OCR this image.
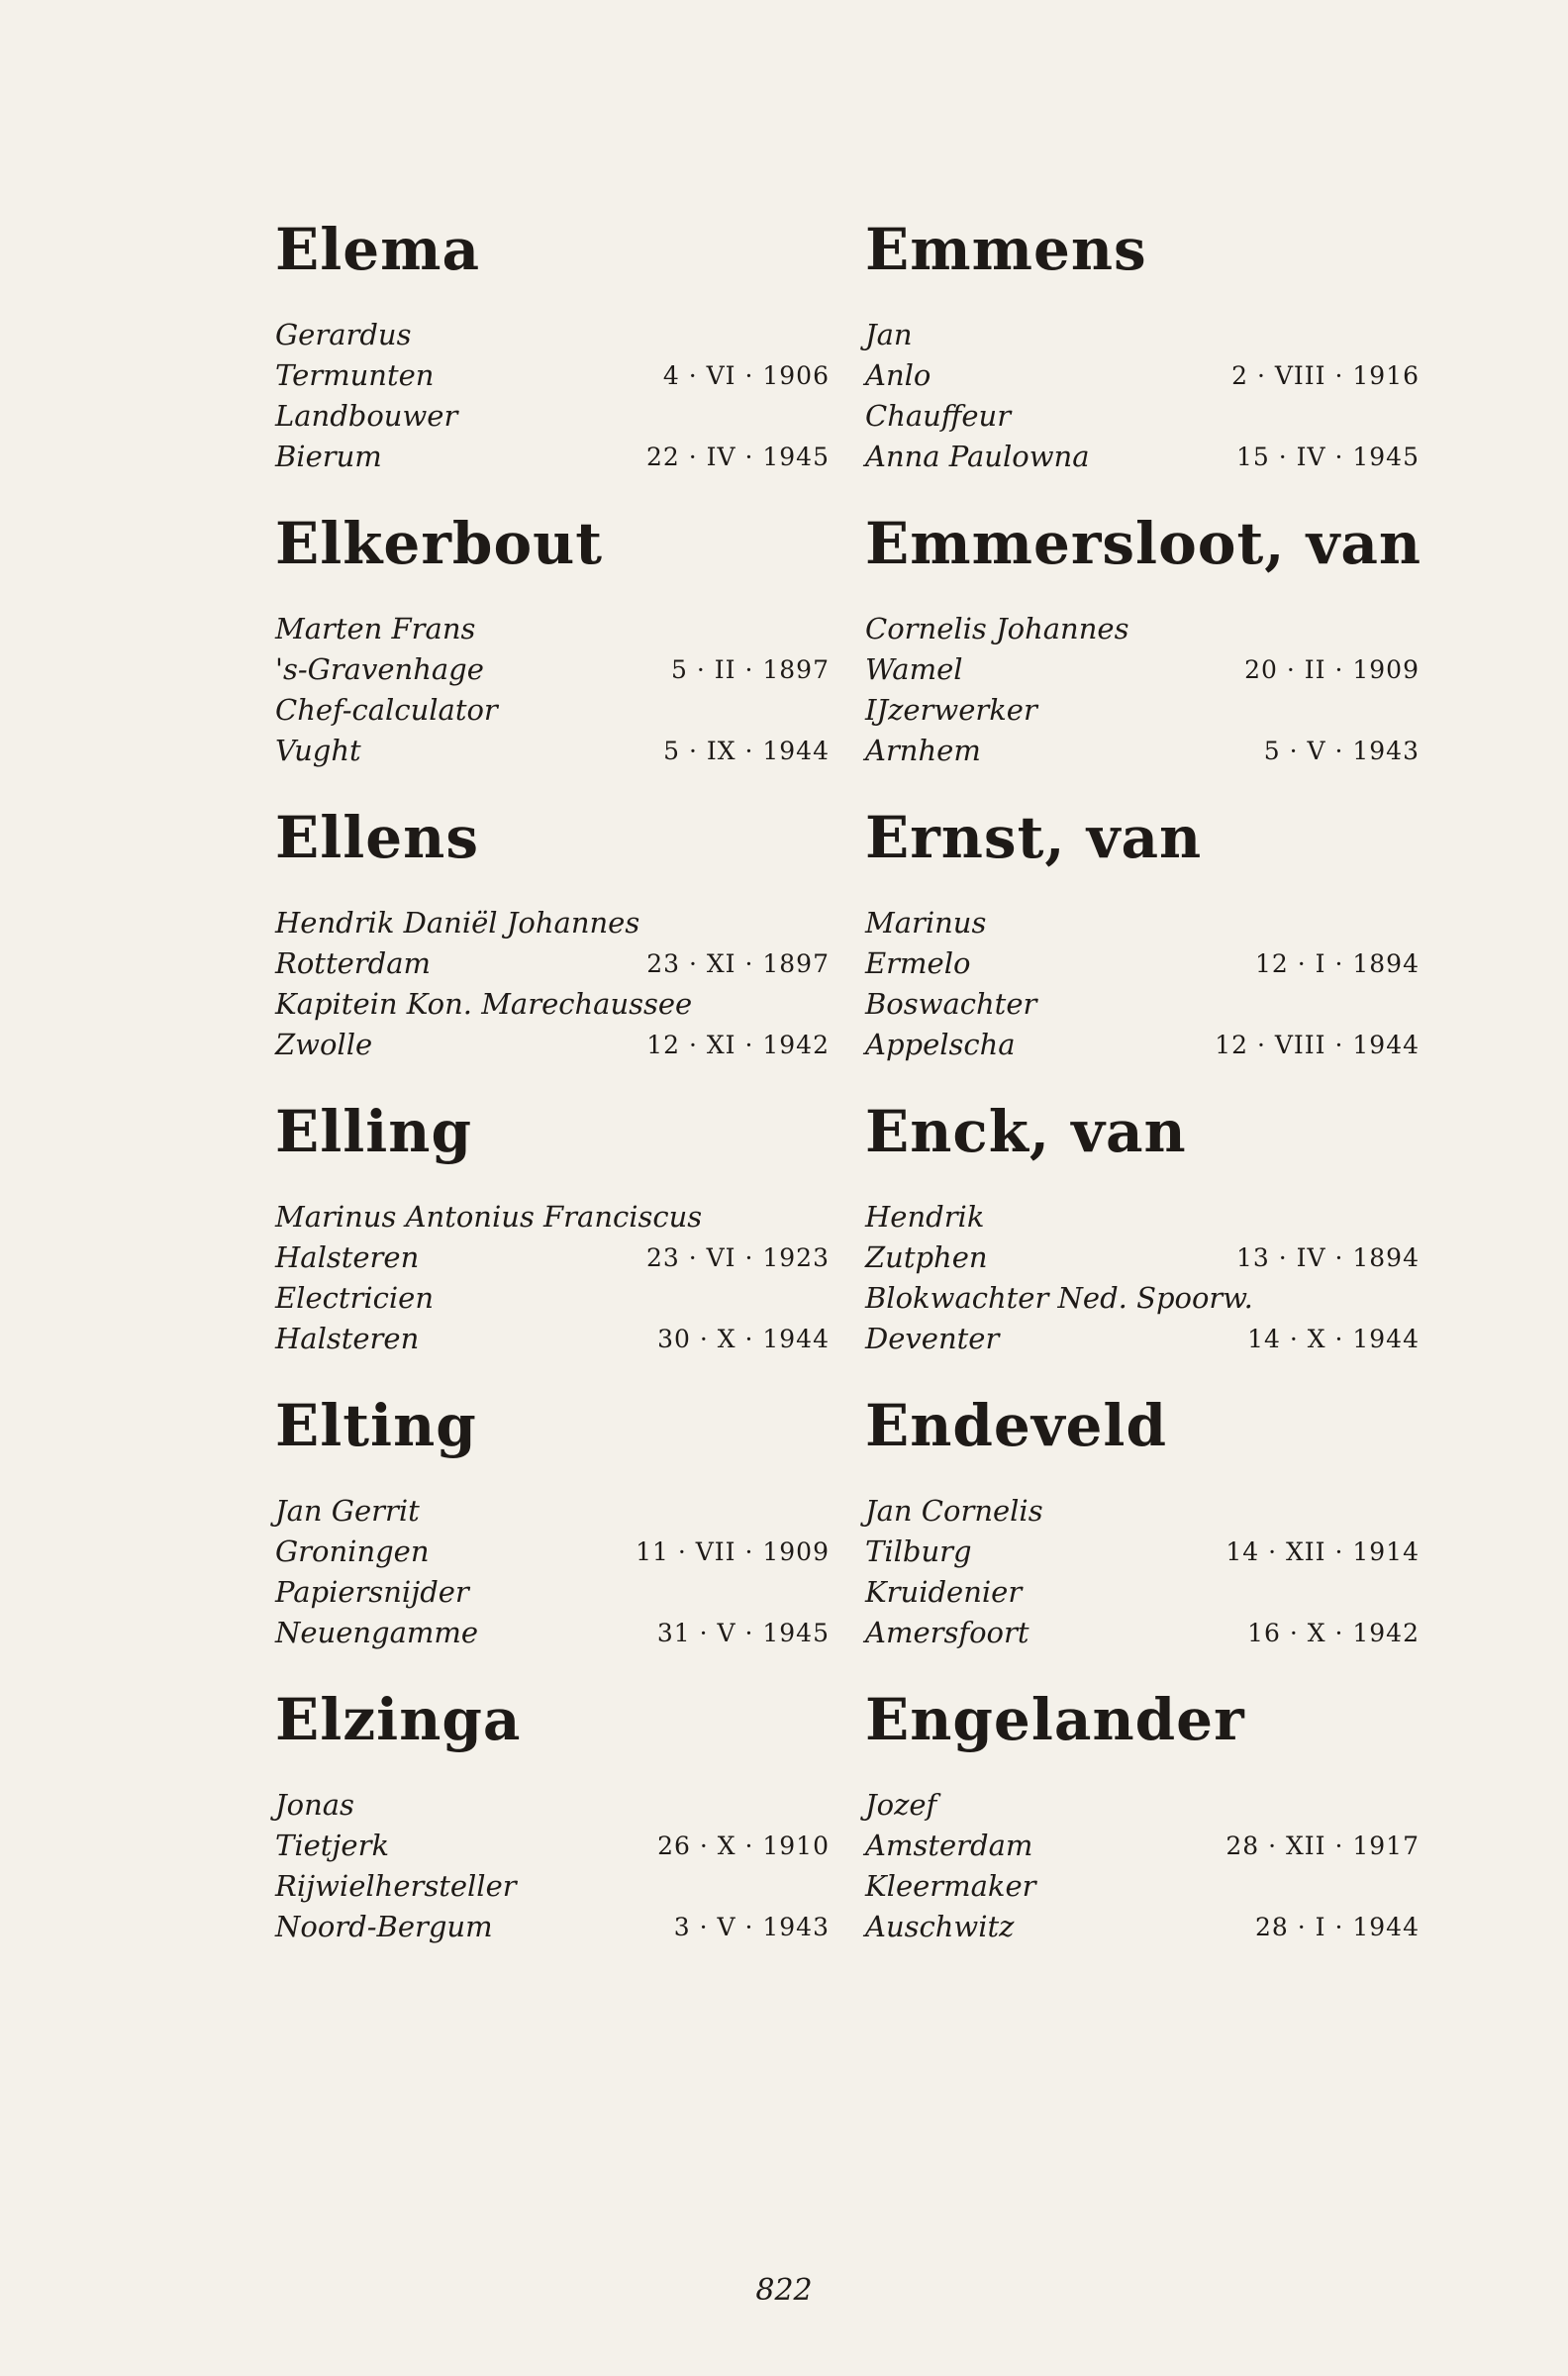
Elema
Gerardus
Termunten	4 · VI · 1906
Landbouwer
Bierum	22 · IV · 1945
Elkerbout
Marten Frans
's-Gravenhage	5 · II · 1897
Chef-calculator
Vught	5 · IX · 1944
Ellens
Hendrik Daniël Johannes
Rotterdam	23 · XI · 1897
Kapitein Kon. Marechaussee
Zwolle	12 · XI · 1942
Elling
Marinus Antonius Franciscus
Halsteren	23 · VI · 1923
Electricien
Halsteren	30 · X · 1944
Elting
Jan Gerrit
Groningen	11 · VII · 1909
Papiersnijder
Neuengamme	31 · V · 1945
Elzinga
Jonas
Tietjerk	26 · X · 1910
Rijwielhersteller
Noord-Bergum	3 · V · 1943
Emmens
Jan
Anlo	2 · VIII · 1916
Chauffeur
Anna Paulowna	15 · IV · 1945
Emmersloot, van
Cornelis Johannes
Wamel	20 · II · 1909
IJzerwerker
Arnhem	5 · V · 1943
Ernst, van
Marinus
Ermelo	12 · I · 1894
Boswachter
Appelscha	12 · VIII · 1944
Enck, van
Hendrik
Zutphen	13 · IV · 1894
Blokwachter Ned. Spoorw.
Deventer	14 · X · 1944
Endeveld
Jan Cornelis
Tilburg	14 · XII · 1914
Kruidenier
Amersfoort	16 · X · 1942
Engelander
Jozef
Amsterdam	28 · XII · 1917
Kleermaker
Auschwitz	28 · I · 1944
822
